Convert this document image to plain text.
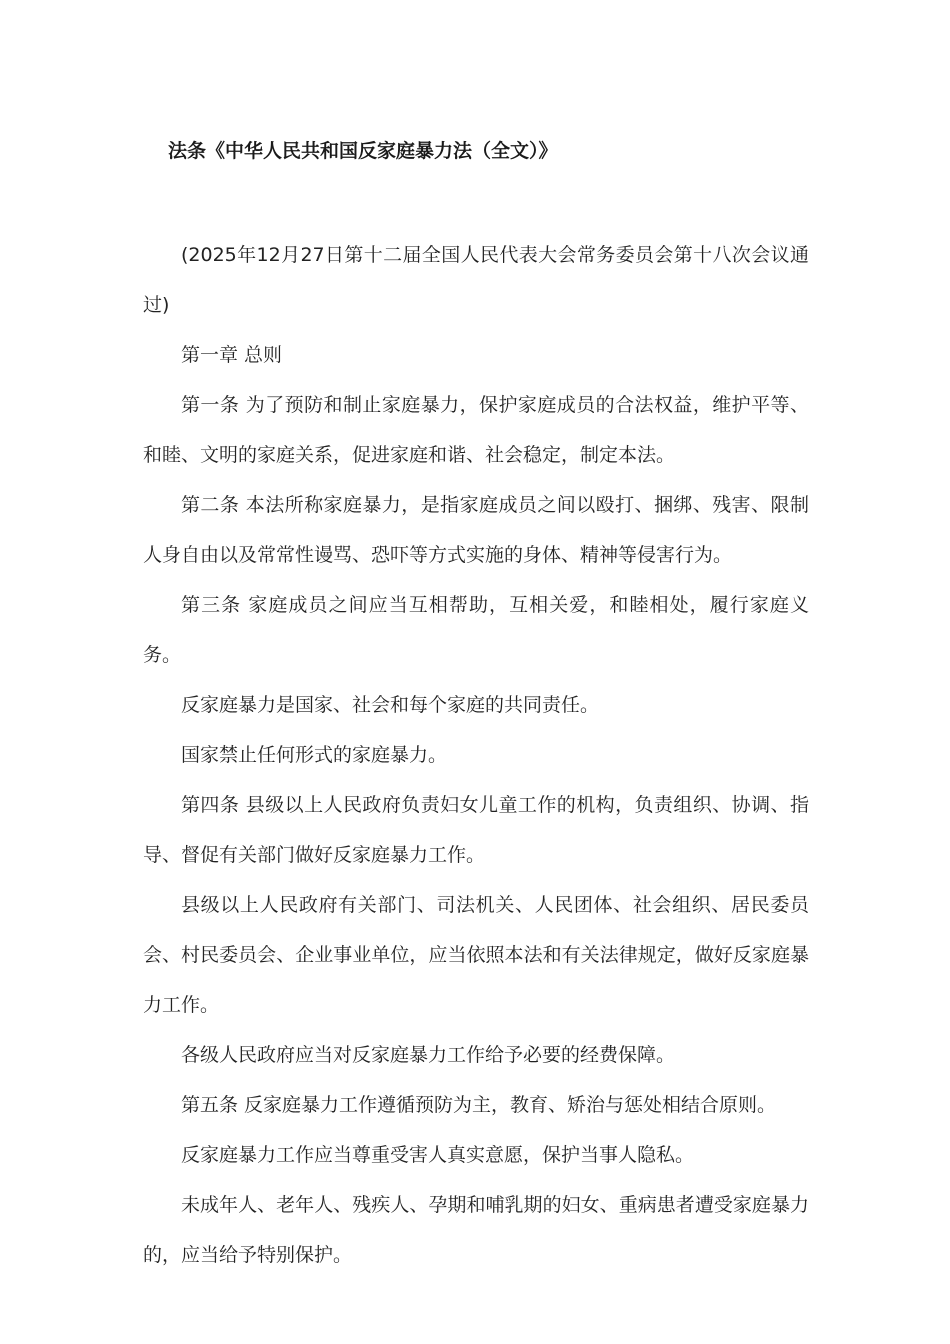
法条《中华人民共和国反家庭暴力法（全文）》

(2025年12月27日第十二届全国人民代表大会常务委员会第十八次会议通过)

第一章 总则

第一条 为了预防和制止家庭暴力，保护家庭成员的合法权益，维护平等、和睦、文明的家庭关系，促进家庭和谐、社会稳定，制定本法。

第二条 本法所称家庭暴力，是指家庭成员之间以殴打、捆绑、残害、限制人身自由以及常常性谩骂、恐吓等方式实施的身体、精神等侵害行为。

第三条 家庭成员之间应当互相帮助，互相关爱，和睦相处，履行家庭义务。

反家庭暴力是国家、社会和每个家庭的共同责任。

国家禁止任何形式的家庭暴力。

第四条 县级以上人民政府负责妇女儿童工作的机构，负责组织、协调、指导、督促有关部门做好反家庭暴力工作。

县级以上人民政府有关部门、司法机关、人民团体、社会组织、居民委员会、村民委员会、企业事业单位，应当依照本法和有关法律规定，做好反家庭暴力工作。

各级人民政府应当对反家庭暴力工作给予必要的经费保障。

第五条 反家庭暴力工作遵循预防为主，教育、矫治与惩处相结合原则。

反家庭暴力工作应当尊重受害人真实意愿，保护当事人隐私。

未成年人、老年人、残疾人、孕期和哺乳期的妇女、重病患者遭受家庭暴力的，应当给予特别保护。
